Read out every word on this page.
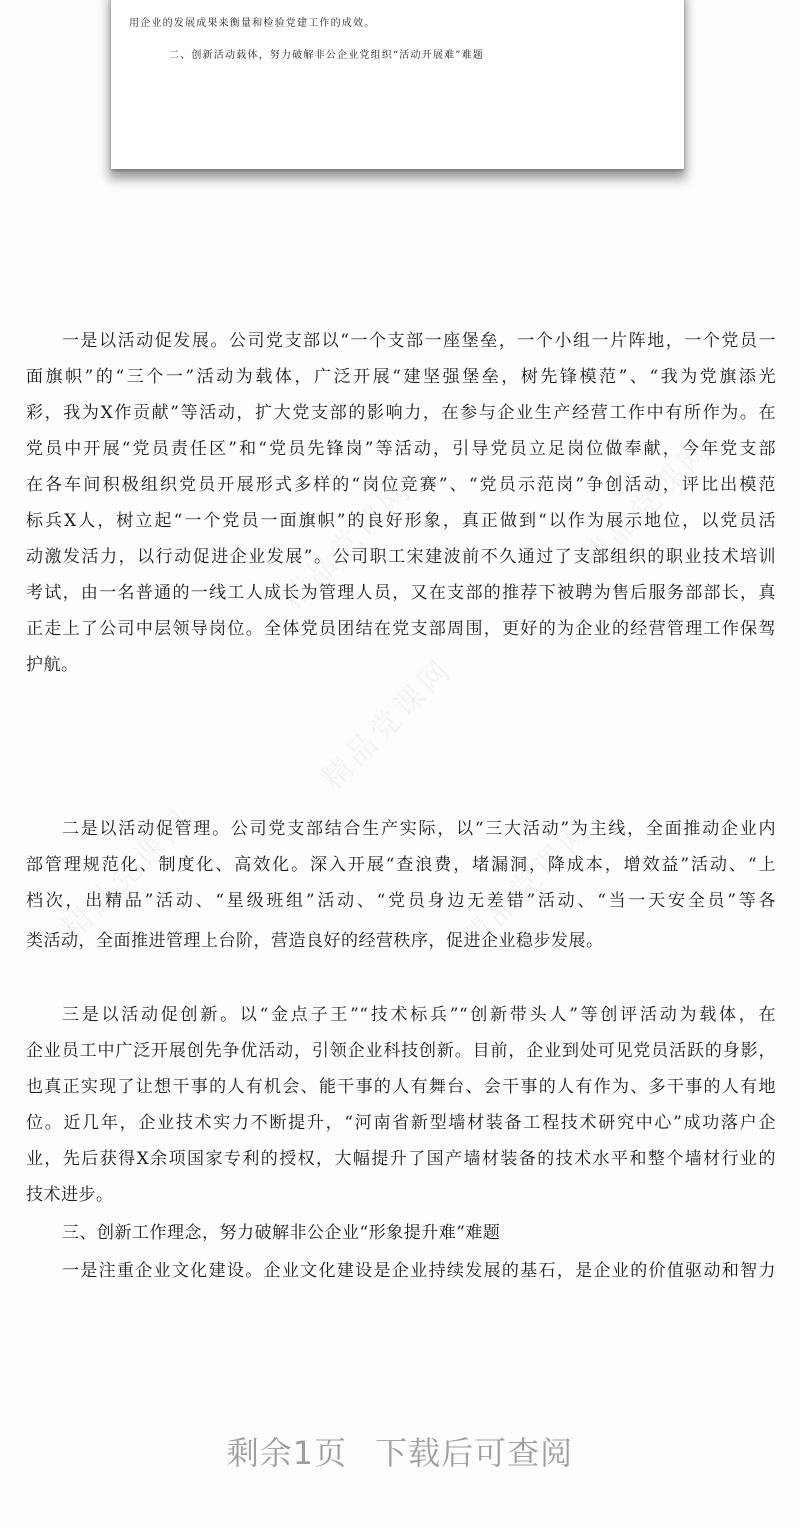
用企业的发展成果来衡量和检验党建工作的成效。
二、创新活动载体，努力破解非公企业党组织“活动开展难”难题
一是以活动促发展。公司党支部以“一个支部一座堡垒，一个小组一片阵地，一个党员一
面旗帜”的“三个一”活动为载体，广泛开展“建坚强堡垒，树先锋模范”、“我为党旗添光
彩，我为X作贡献”等活动，扩大党支部的影响力，在参与企业生产经营工作中有所作为。在
党员中开展“党员责任区”和“党员先锋岗”等活动，引导党员立足岗位做奉献，今年党支部
在各车间积极组织党员开展形式多样的“岗位竞赛”、“党员示范岗”争创活动，评比出模范
标兵X人，树立起“一个党员一面旗帜”的良好形象，真正做到“以作为展示地位，以党员活
动激发活力，以行动促进企业发展”。公司职工宋建波前不久通过了支部组织的职业技术培训
考试，由一名普通的一线工人成长为管理人员，又在支部的推荐下被聘为售后服务部部长，真
正走上了公司中层领导岗位。全体党员团结在党支部周围，更好的为企业的经营管理工作保驾
护航。
二是以活动促管理。公司党支部结合生产实际，以“三大活动”为主线，全面推动企业内
部管理规范化、制度化、高效化。深入开展“查浪费，堵漏洞，降成本，增效益”活动、“上
档次，出精品”活动、“星级班组”活动、“党员身边无差错”活动、“当一天安全员”等各
类活动，全面推进管理上台阶，营造良好的经营秩序，促进企业稳步发展。
三是以活动促创新。以“金点子王”“技术标兵”“创新带头人”等创评活动为载体，在
企业员工中广泛开展创先争优活动，引领企业科技创新。目前，企业到处可见党员活跃的身影，
也真正实现了让想干事的人有机会、能干事的人有舞台、会干事的人有作为、多干事的人有地
位。近几年，企业技术实力不断提升，“河南省新型墙材装备工程技术研究中心”成功落户企
业，先后获得X余项国家专利的授权，大幅提升了国产墙材装备的技术水平和整个墙材行业的
技术进步。
三、创新工作理念，努力破解非公企业“形象提升难”难题
一是注重企业文化建设。企业文化建设是企业持续发展的基石，是企业的价值驱动和智力
剩余1页 下载后可查阅
